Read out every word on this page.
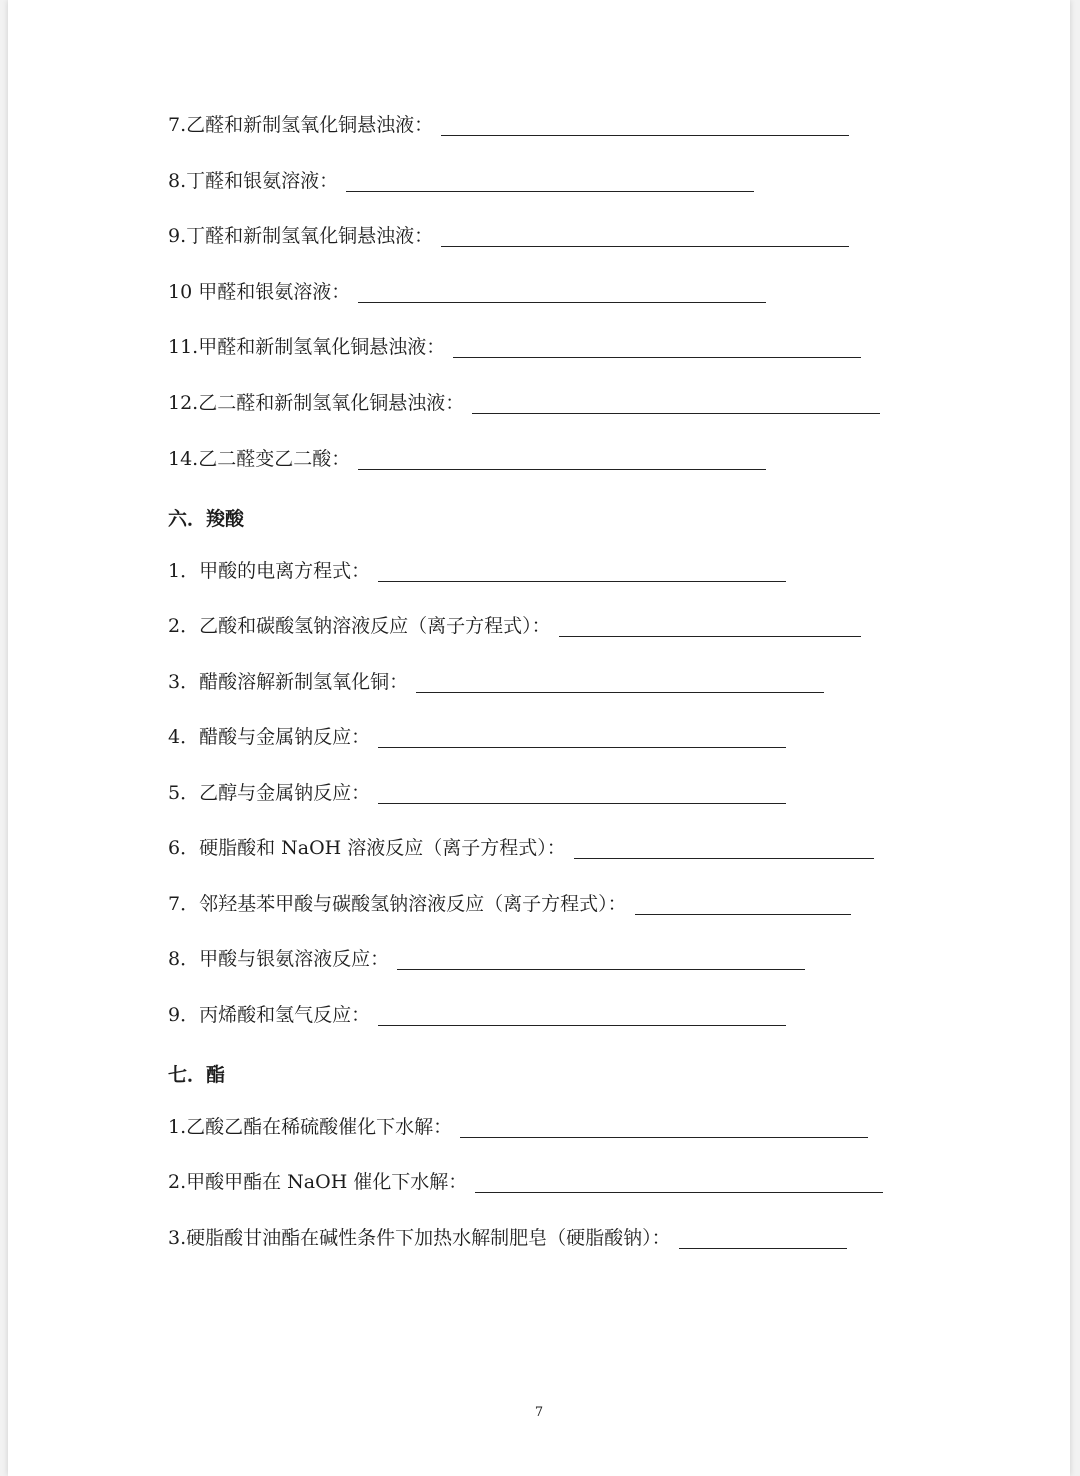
7.乙醛和新制氢氧化铜悬浊液：
8.丁醛和银氨溶液：
9.丁醛和新制氢氧化铜悬浊液：
10 甲醛和银氨溶液：
11.甲醛和新制氢氧化铜悬浊液：
12.乙二醛和新制氢氧化铜悬浊液：
14.乙二醛变乙二酸：
六．羧酸
1．甲酸的电离方程式：
2．乙酸和碳酸氢钠溶液反应（离子方程式）：
3．醋酸溶解新制氢氧化铜：
4．醋酸与金属钠反应：
5．乙醇与金属钠反应：
6．硬脂酸和 NaOH 溶液反应（离子方程式）：
7．邻羟基苯甲酸与碳酸氢钠溶液反应（离子方程式）：
8．甲酸与银氨溶液反应：
9．丙烯酸和氢气反应：
七．酯
1.乙酸乙酯在稀硫酸催化下水解：
2.甲酸甲酯在 NaOH 催化下水解：
3.硬脂酸甘油酯在碱性条件下加热水解制肥皂（硬脂酸钠）：
7
